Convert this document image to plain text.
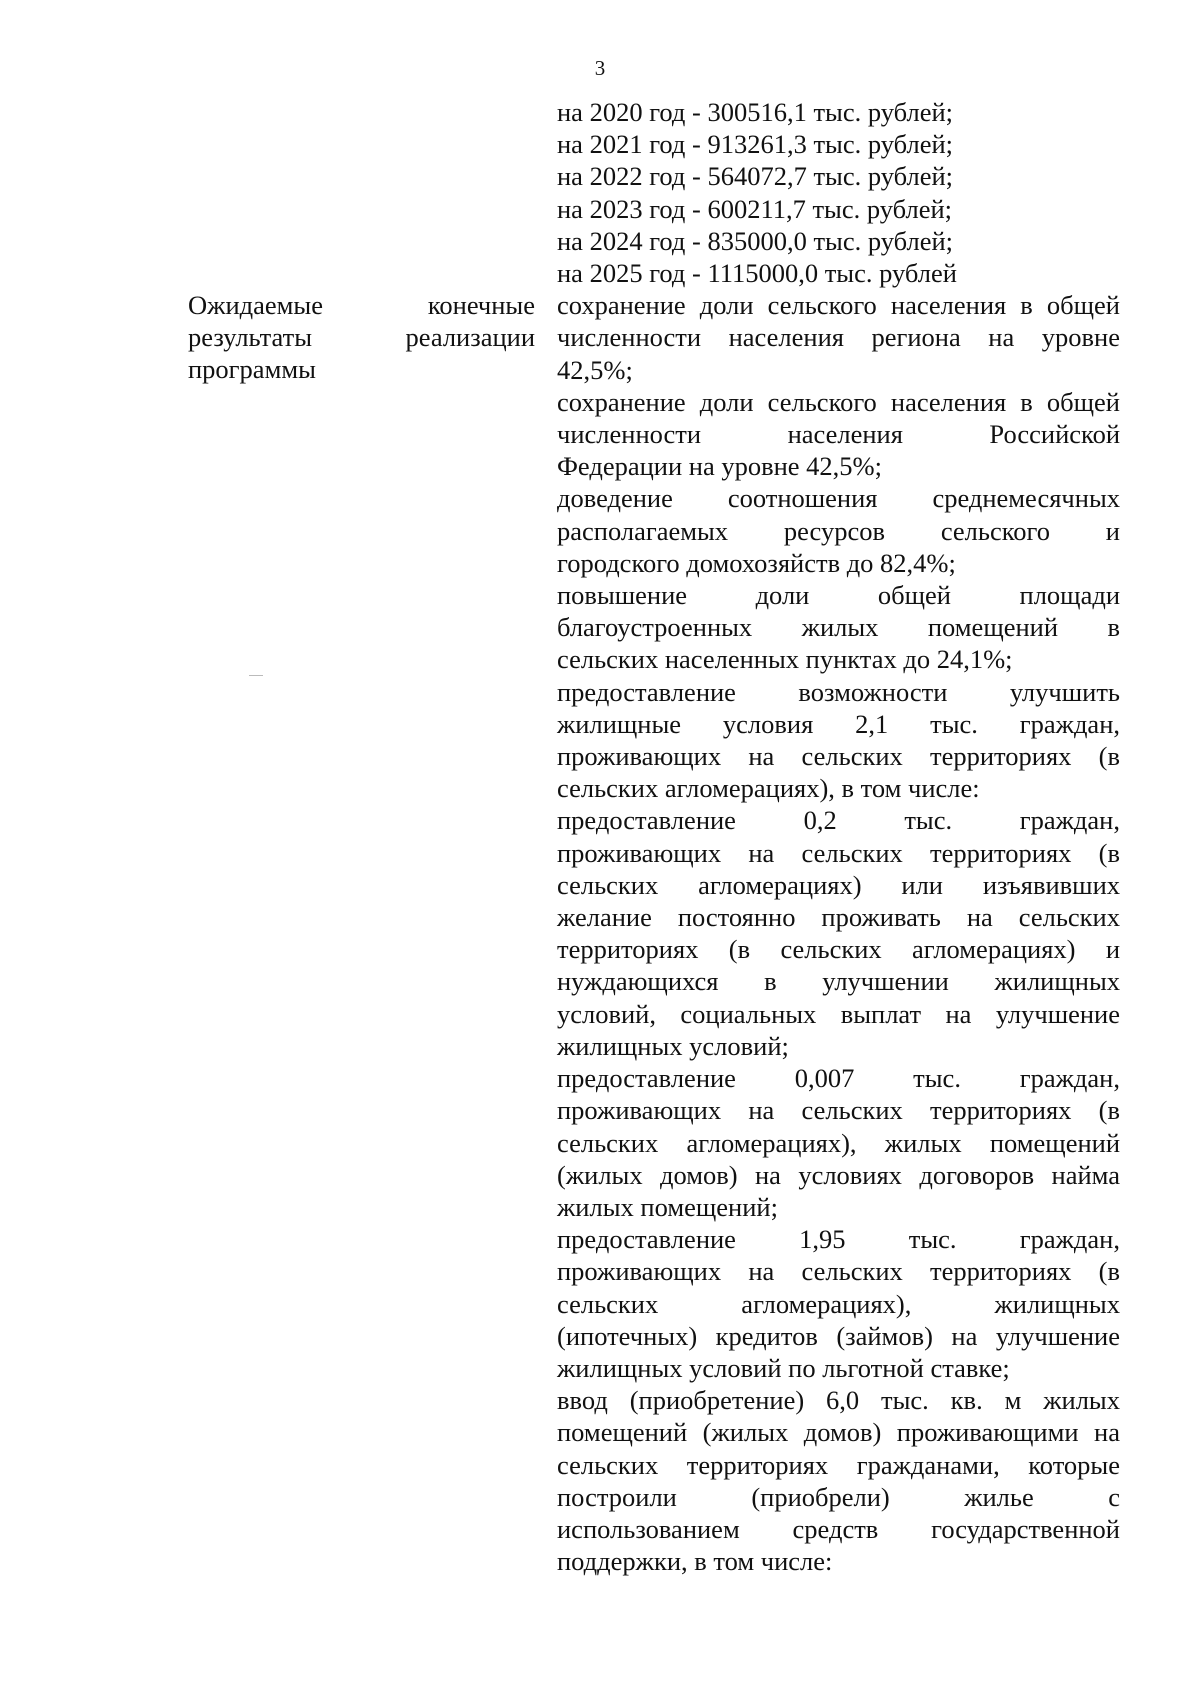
3
Ожидаемые	конечные
результаты	реализации
программы
на 2020 год - 300516,1 тыс. рублей;
на 2021 год - 913261,3 тыс. рублей;
на 2022 год - 564072,7 тыс. рублей;
на 2023 год - 600211,7 тыс. рублей;
на 2024 год - 835000,0 тыс. рублей;
на 2025 год - 1115000,0 тыс. рублей
сохранение доли сельского населения в общей
численности населения региона на уровне
42,5%;
сохранение доли сельского населения в общей
численности населения Российской
Федерации на уровне 42,5%;
доведение соотношения среднемесячных
располагаемых ресурсов сельского и
городского домохозяйств до 82,4%;
повышение доли общей площади
благоустроенных жилых помещений в
сельских населенных пунктах до 24,1%;
предоставление возможности улучшить
жилищные условия 2,1 тыс. граждан,
проживающих на сельских территориях (в
сельских агломерациях), в том числе:
предоставление 0,2 тыс. граждан,
проживающих на сельских территориях (в
сельских агломерациях) или изъявивших
желание постоянно проживать на сельских
территориях (в сельских агломерациях) и
нуждающихся в улучшении жилищных
условий, социальных выплат на улучшение
жилищных условий;
предоставление 0,007 тыс. граждан,
проживающих на сельских территориях (в
сельских агломерациях), жилых помещений
(жилых домов) на условиях договоров найма
жилых помещений;
предоставление 1,95 тыс. граждан,
проживающих на сельских территориях (в
сельских агломерациях), жилищных
(ипотечных) кредитов (займов) на улучшение
жилищных условий по льготной ставке;
ввод (приобретение) 6,0 тыс. кв. м жилых
помещений (жилых домов) проживающими на
сельских территориях гражданами, которые
построили (приобрели) жилье с
использованием средств государственной
поддержки, в том числе:
